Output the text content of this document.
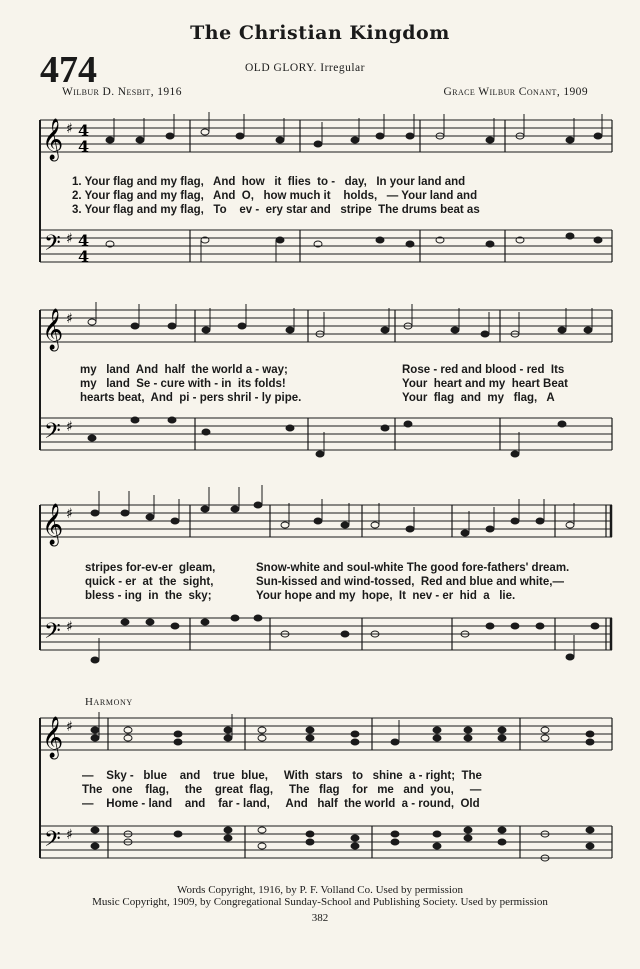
The Christian Kingdom
474	OLD GLORY. Irregular
Wilbur D. Nesbit, 1916	Grace Wilbur Conant, 1909
𝄞
𝄢
♯
♯
4
4
4
4
1. Your flag and my flag,   And  how   it  flies  to -   day,   In your land and
2. Your flag and my flag,   And  O,   how much it    holds,   — Your land and
3. Your flag and my flag,   To    ev -  ery star and   stripe  The drums beat as
𝄞
𝄢
♯
♯
my   land  And  half  the world a - way;
my   land  Se - cure with - in  its folds!
hearts beat,  And  pi - pers shril - ly pipe.
Rose - red and blood - red  Its
Your  heart and my  heart Beat
Your  flag  and  my   flag,   A
𝄞
𝄢
♯
♯
stripes for-ev-er  gleam,
quick - er  at  the  sight,
bless - ing  in  the  sky;
Snow-white and soul-white The good fore-fathers' dream.
Sun-kissed and wind-tossed,  Red and blue and white,—
Your hope and my  hope,  It  nev - er  hid  a   lie.
Harmony
𝄞
𝄢
♯
♯
—    Sky -   blue    and    true  blue,     With  stars   to   shine  a - right;  The
The   one    flag,     the    great  flag,     The   flag    for   me   and  you,     —
—    Home - land    and    far - land,     And   half  the world  a - round,  Old
Words Copyright, 1916, by P. F. Volland Co. Used by permission
Music Copyright, 1909, by Congregational Sunday-School and Publishing Society. Used by permission
382
